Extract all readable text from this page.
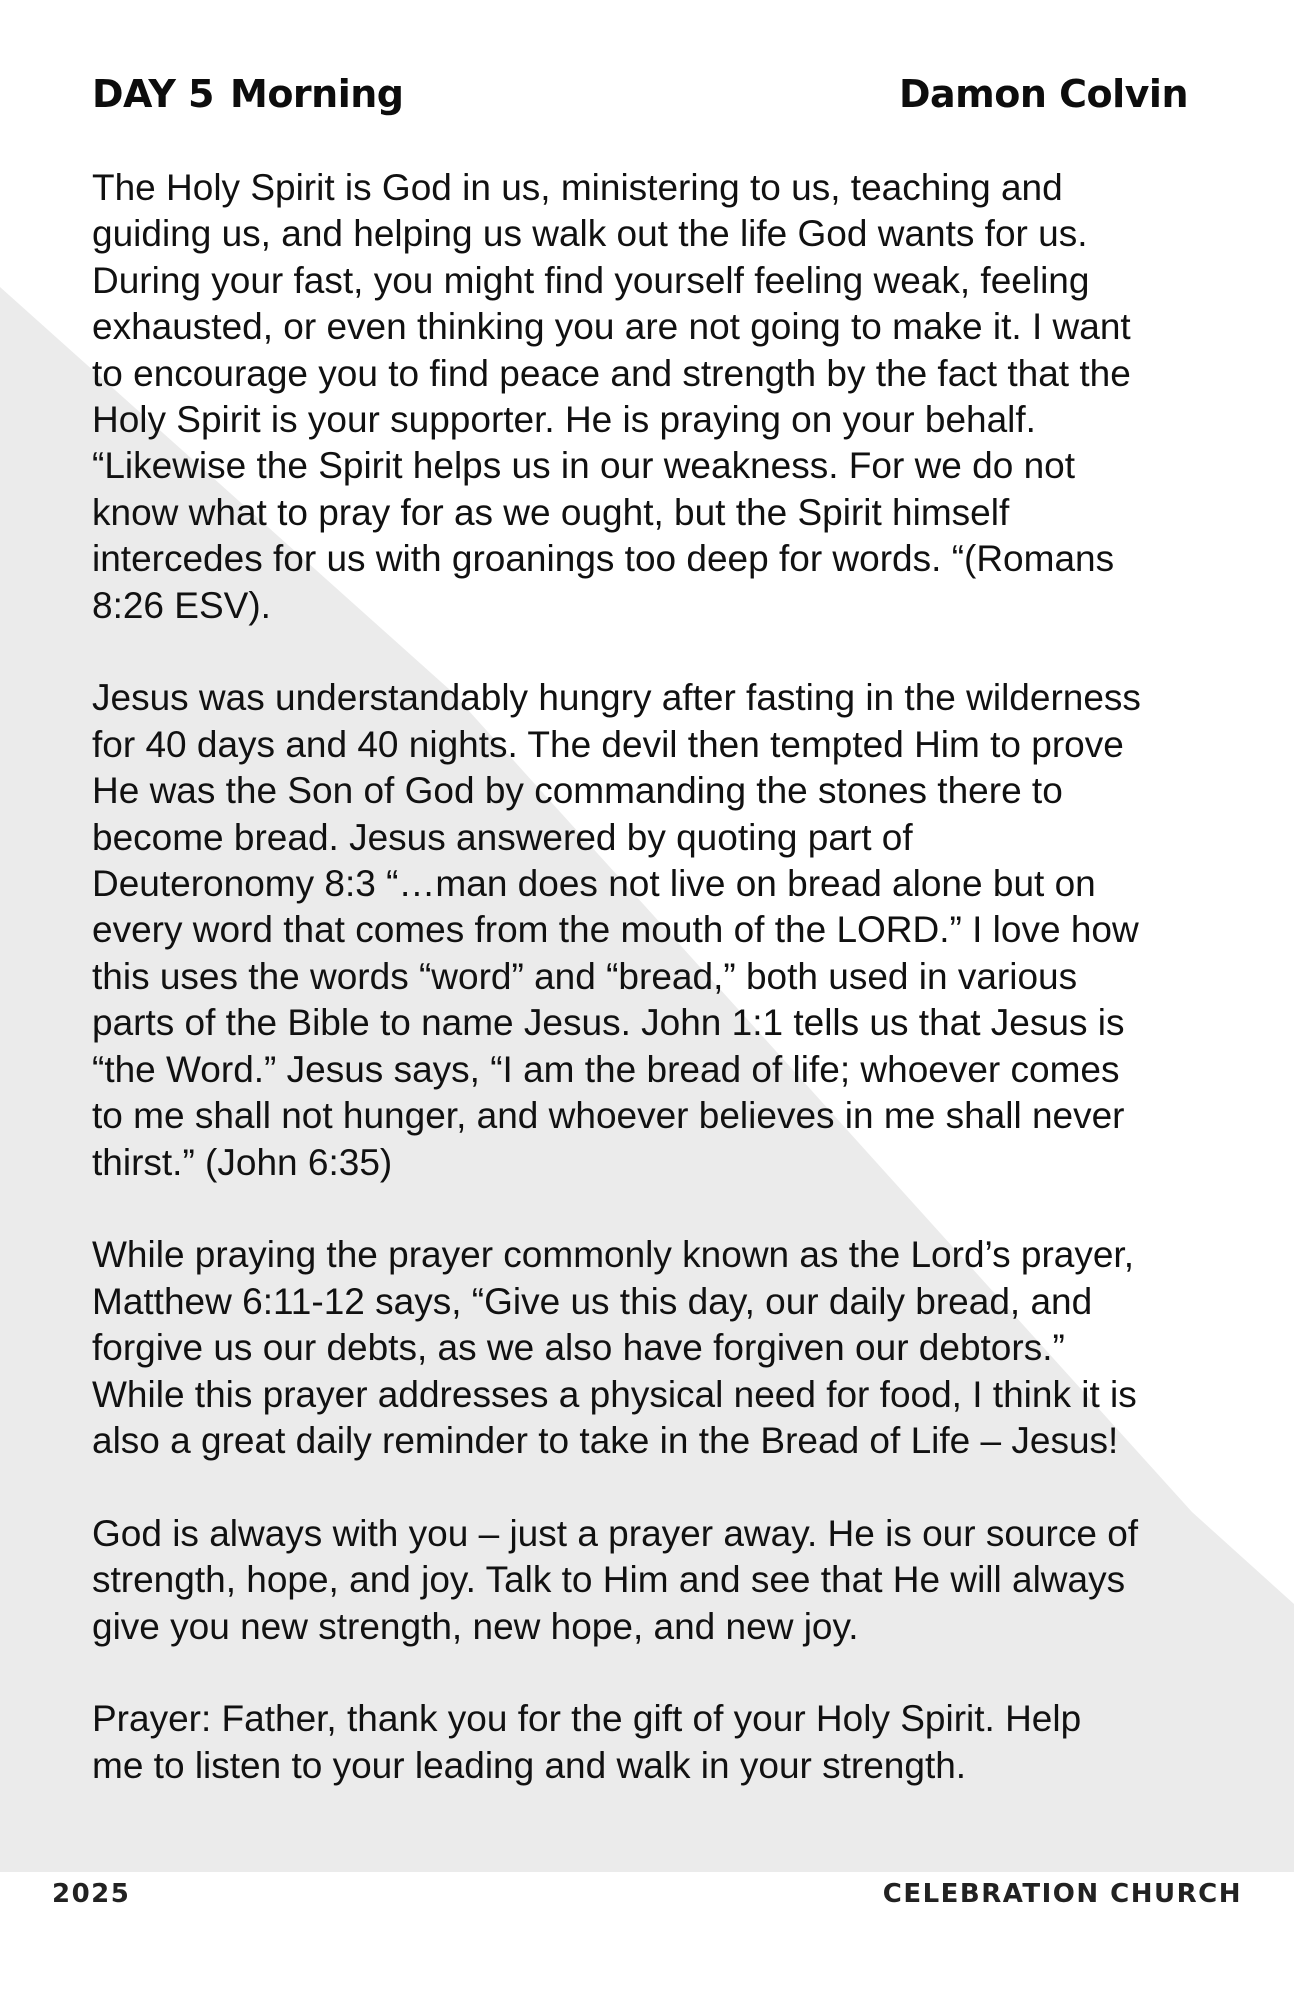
DAY 5 Morning	Damon Colvin

The Holy Spirit is God in us, ministering to us, teaching and
guiding us, and helping us walk out the life God wants for us.
During your fast, you might find yourself feeling weak, feeling
exhausted, or even thinking you are not going to make it. I want
to encourage you to find peace and strength by the fact that the
Holy Spirit is your supporter. He is praying on your behalf.
“Likewise the Spirit helps us in our weakness. For we do not
know what to pray for as we ought, but the Spirit himself
intercedes for us with groanings too deep for words. “(Romans
8:26 ESV).

Jesus was understandably hungry after fasting in the wilderness
for 40 days and 40 nights. The devil then tempted Him to prove
He was the Son of God by commanding the stones there to
become bread. Jesus answered by quoting part of
Deuteronomy 8:3 “…man does not live on bread alone but on
every word that comes from the mouth of the LORD.” I love how
this uses the words “word” and “bread,” both used in various
parts of the Bible to name Jesus. John 1:1 tells us that Jesus is
“the Word.” Jesus says, “I am the bread of life; whoever comes
to me shall not hunger, and whoever believes in me shall never
thirst.” (John 6:35)

While praying the prayer commonly known as the Lord’s prayer,
Matthew 6:11-12 says, “Give us this day, our daily bread, and
forgive us our debts, as we also have forgiven our debtors.”
While this prayer addresses a physical need for food, I think it is
also a great daily reminder to take in the Bread of Life – Jesus!

God is always with you – just a prayer away. He is our source of
strength, hope, and joy. Talk to Him and see that He will always
give you new strength, new hope, and new joy.

Prayer: Father, thank you for the gift of your Holy Spirit. Help
me to listen to your leading and walk in your strength.

2025	CELEBRATION CHURCH
